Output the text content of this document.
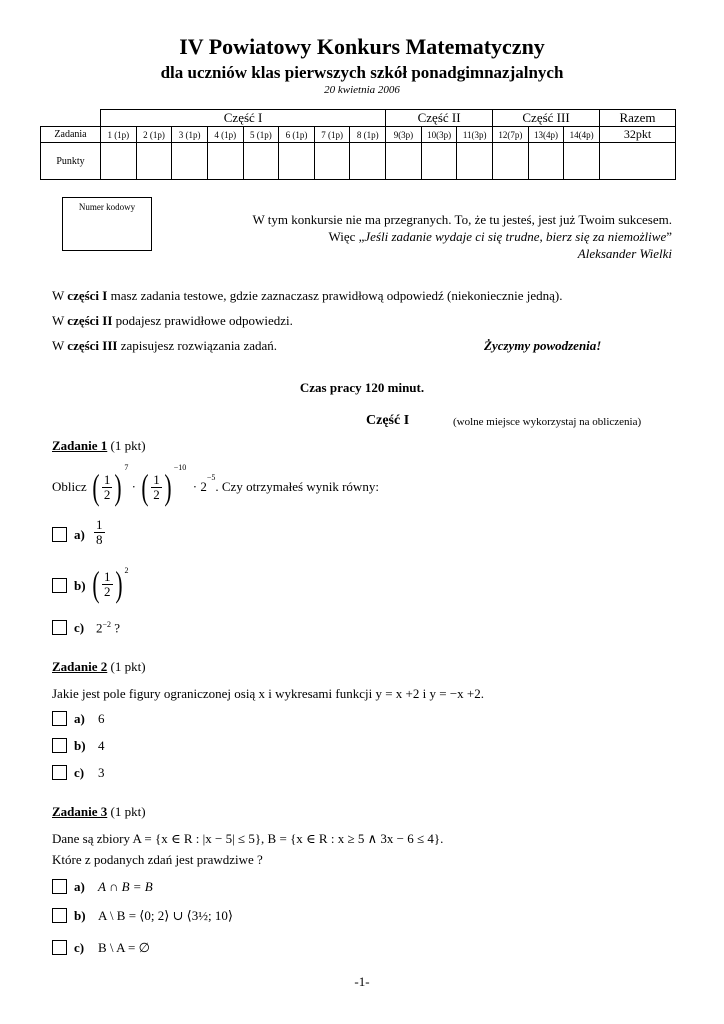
IV Powiatowy Konkurs Matematyczny
dla uczniów klas pierwszych szkół ponadgimnazjalnych
20 kwietnia 2006
	Część I								Część II			Część III			Razem
Zadania	1 (1p)	2 (1p)	3 (1p)	4 (1p)	5 (1p)	6 (1p)	7 (1p)	8 (1p)	9(3p)	10(3p)	11(3p)	12(7p)	13(4p)	14(4p)	32pkt
Punkty															
Numer kodowy
W tym konkursie nie ma przegranych. To, że tu jesteś, jest już Twoim sukcesem.
Więc „Jeśli zadanie wydaje ci się trudne, bierz się za niemożliwe”
Aleksander Wielki
W części I masz zadania testowe, gdzie zaznaczasz prawidłową odpowiedź (niekoniecznie jedną).
W części II podajesz prawidłowe odpowiedzi.
W części III zapisujesz rozwiązania zadań.	Życzymy powodzenia!
Czas pracy 120 minut.
Część I	(wolne miejsce wykorzystaj na obliczenia)
Zadanie 1 (1 pkt)
Oblicz
( $\frac{1}{2}$ ) $^7$
· ( $\frac{1}{2}$ ) $^{-10}$

· 2
$^{-5}$
. Czy otrzymałeś wynik równy:
$a) \frac{1}{8}$
b) ( $\frac{1}{2}$ ) $^2$
c) $2^{-2}$ ?
Zadanie 2 (1 pkt)
Jakie jest pole figury ograniczonej osią x i wykresami funkcji y = x +2 i y = −x +2.
a) 6
b) 4
c) 3
Zadanie 3 (1 pkt)
Dane są zbiory A = {x ∈ R : |x − 5| ≤ 5}, B = {x ∈ R : x ≥ 5 ∧ 3x − 6 ≤ 4}.
Które z podanych zdań jest prawdziwe ?
a) A ∩ B = B
b) A \ B = ⟨0; 2⟩ ∪ ⟨3½; 10⟩
c) B \ A = ∅
-1-
